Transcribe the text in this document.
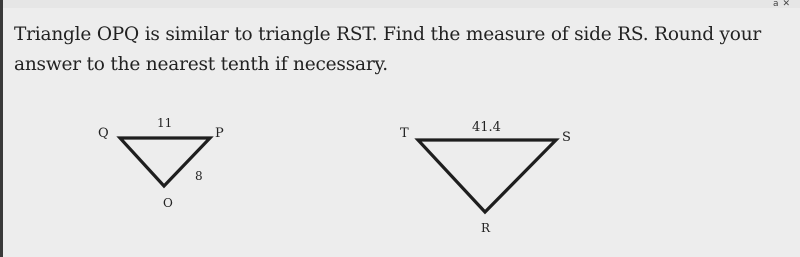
a✕
Triangle OPQ is similar to triangle RST. Find the measure of side RS. Round your answer to the nearest tenth if necessary.
Q	P
O
11
8
T	S
R
41.4
